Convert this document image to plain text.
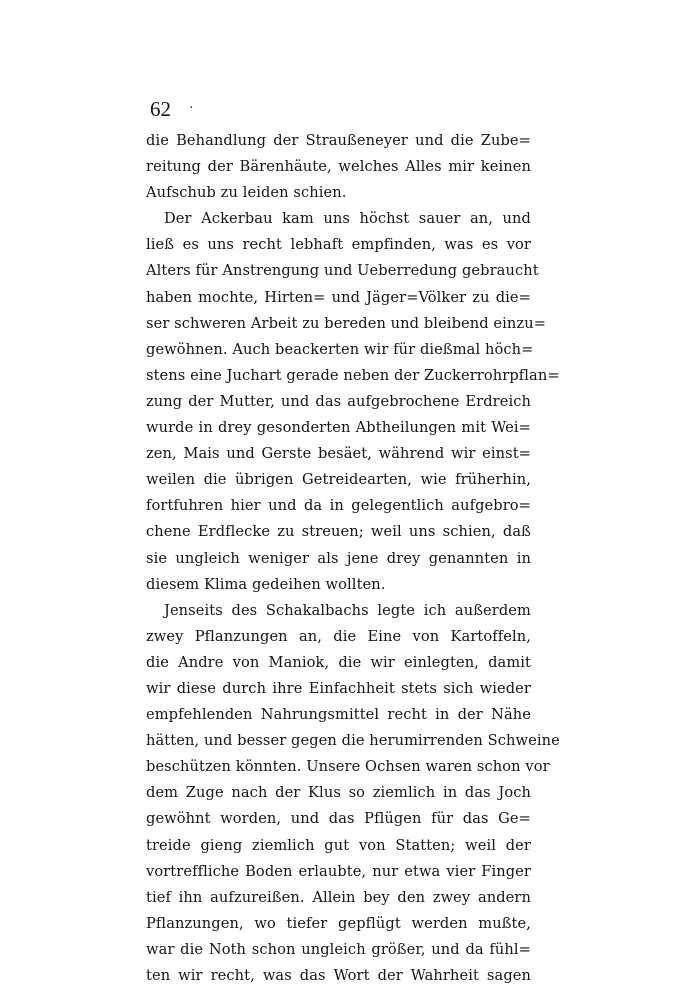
62 ·
die Behandlung der Straußeneyer und die Zube=
reitung der Bärenhäute, welches Alles mir keinen
Aufschub zu leiden schien.
Der Ackerbau kam uns höchst sauer an, und
ließ es uns recht lebhaft empfinden, was es vor
Alters für Anstrengung und Ueberredung gebraucht
haben mochte, Hirten= und Jäger=Völker zu die=
ser schweren Arbeit zu bereden und bleibend einzu=
gewöhnen. Auch beackerten wir für dießmal höch=
stens eine Juchart gerade neben der Zuckerrohrpflan=
zung der Mutter, und das aufgebrochene Erdreich
wurde in drey gesonderten Abtheilungen mit Wei=
zen, Mais und Gerste besäet, während wir einst=
weilen die übrigen Getreidearten, wie früherhin,
fortfuhren hier und da in gelegentlich aufgebro=
chene Erdflecke zu streuen; weil uns schien, daß
sie ungleich weniger als jene drey genannten in
diesem Klima gedeihen wollten.
Jenseits des Schakalbachs legte ich außerdem
zwey Pflanzungen an, die Eine von Kartoffeln,
die Andre von Maniok, die wir einlegten, damit
wir diese durch ihre Einfachheit stets sich wieder
empfehlenden Nahrungsmittel recht in der Nähe
hätten, und besser gegen die herumirrenden Schweine
beschützen könnten. Unsere Ochsen waren schon vor
dem Zuge nach der Klus so ziemlich in das Joch
gewöhnt worden, und das Pflügen für das Ge=
treide gieng ziemlich gut von Statten; weil der
vortreffliche Boden erlaubte, nur etwa vier Finger
tief ihn aufzureißen. Allein bey den zwey andern
Pflanzungen, wo tiefer gepflügt werden mußte,
war die Noth schon ungleich größer, und da fühl=
ten wir recht, was das Wort der Wahrheit sagen
